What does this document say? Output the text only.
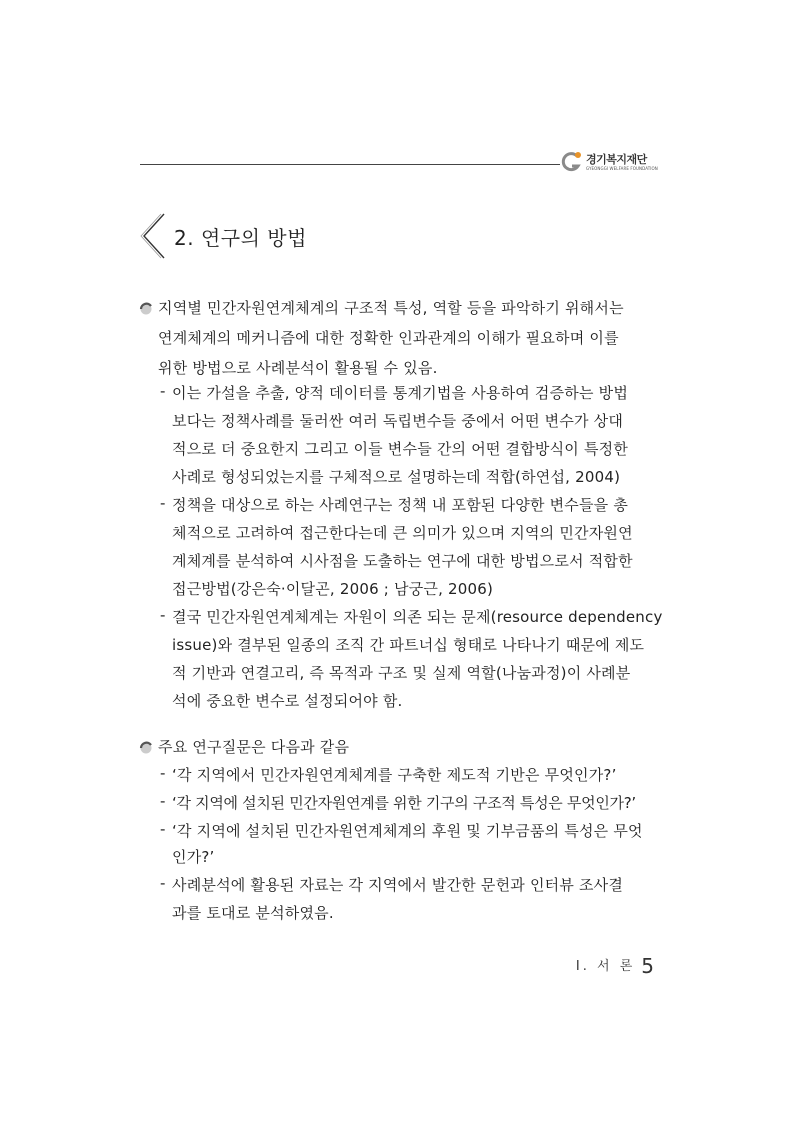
경기복지재단
GYEONGGI WELFARE FOUNDATION
2. 연구의 방법
지역별 민간자원연계체계의 구조적 특성, 역할 등을 파악하기 위해서는
연계체계의 메커니즘에 대한 정확한 인과관계의 이해가 필요하며 이를
위한 방법으로 사례분석이 활용될 수 있음.
- 이는 가설을 추출, 양적 데이터를 통계기법을 사용하여 검증하는 방법
보다는 정책사례를 둘러싼 여러 독립변수들 중에서 어떤 변수가 상대
적으로 더 중요한지 그리고 이들 변수들 간의 어떤 결합방식이 특정한
사례로 형성되었는지를 구체적으로 설명하는데 적합(하연섭, 2004)
- 정책을 대상으로 하는 사례연구는 정책 내 포함된 다양한 변수들을 총
체적으로 고려하여 접근한다는데 큰 의미가 있으며 지역의 민간자원연
계체계를 분석하여 시사점을 도출하는 연구에 대한 방법으로서 적합한
접근방법(강은숙·이달곤, 2006 ; 남궁근, 2006)
- 결국 민간자원연계체계는 자원이 의존 되는 문제(resource dependency
issue)와 결부된 일종의 조직 간 파트너십 형태로 나타나기 때문에 제도
적 기반과 연결고리, 즉 목적과 구조 및 실제 역할(나눔과정)이 사례분
석에 중요한 변수로 설정되어야 함.
주요 연구질문은 다음과 같음
- ‘각 지역에서 민간자원연계체계를 구축한 제도적 기반은 무엇인가?’
- ‘각 지역에 설치된 민간자원연계를 위한 기구의 구조적 특성은 무엇인가?’
- ‘각 지역에 설치된 민간자원연계체계의 후원 및 기부금품의 특성은 무엇
인가?’
- 사례분석에 활용된 자료는 각 지역에서 발간한 문헌과 인터뷰 조사결
과를 토대로 분석하였음.
Ⅰ. 서 론 5
